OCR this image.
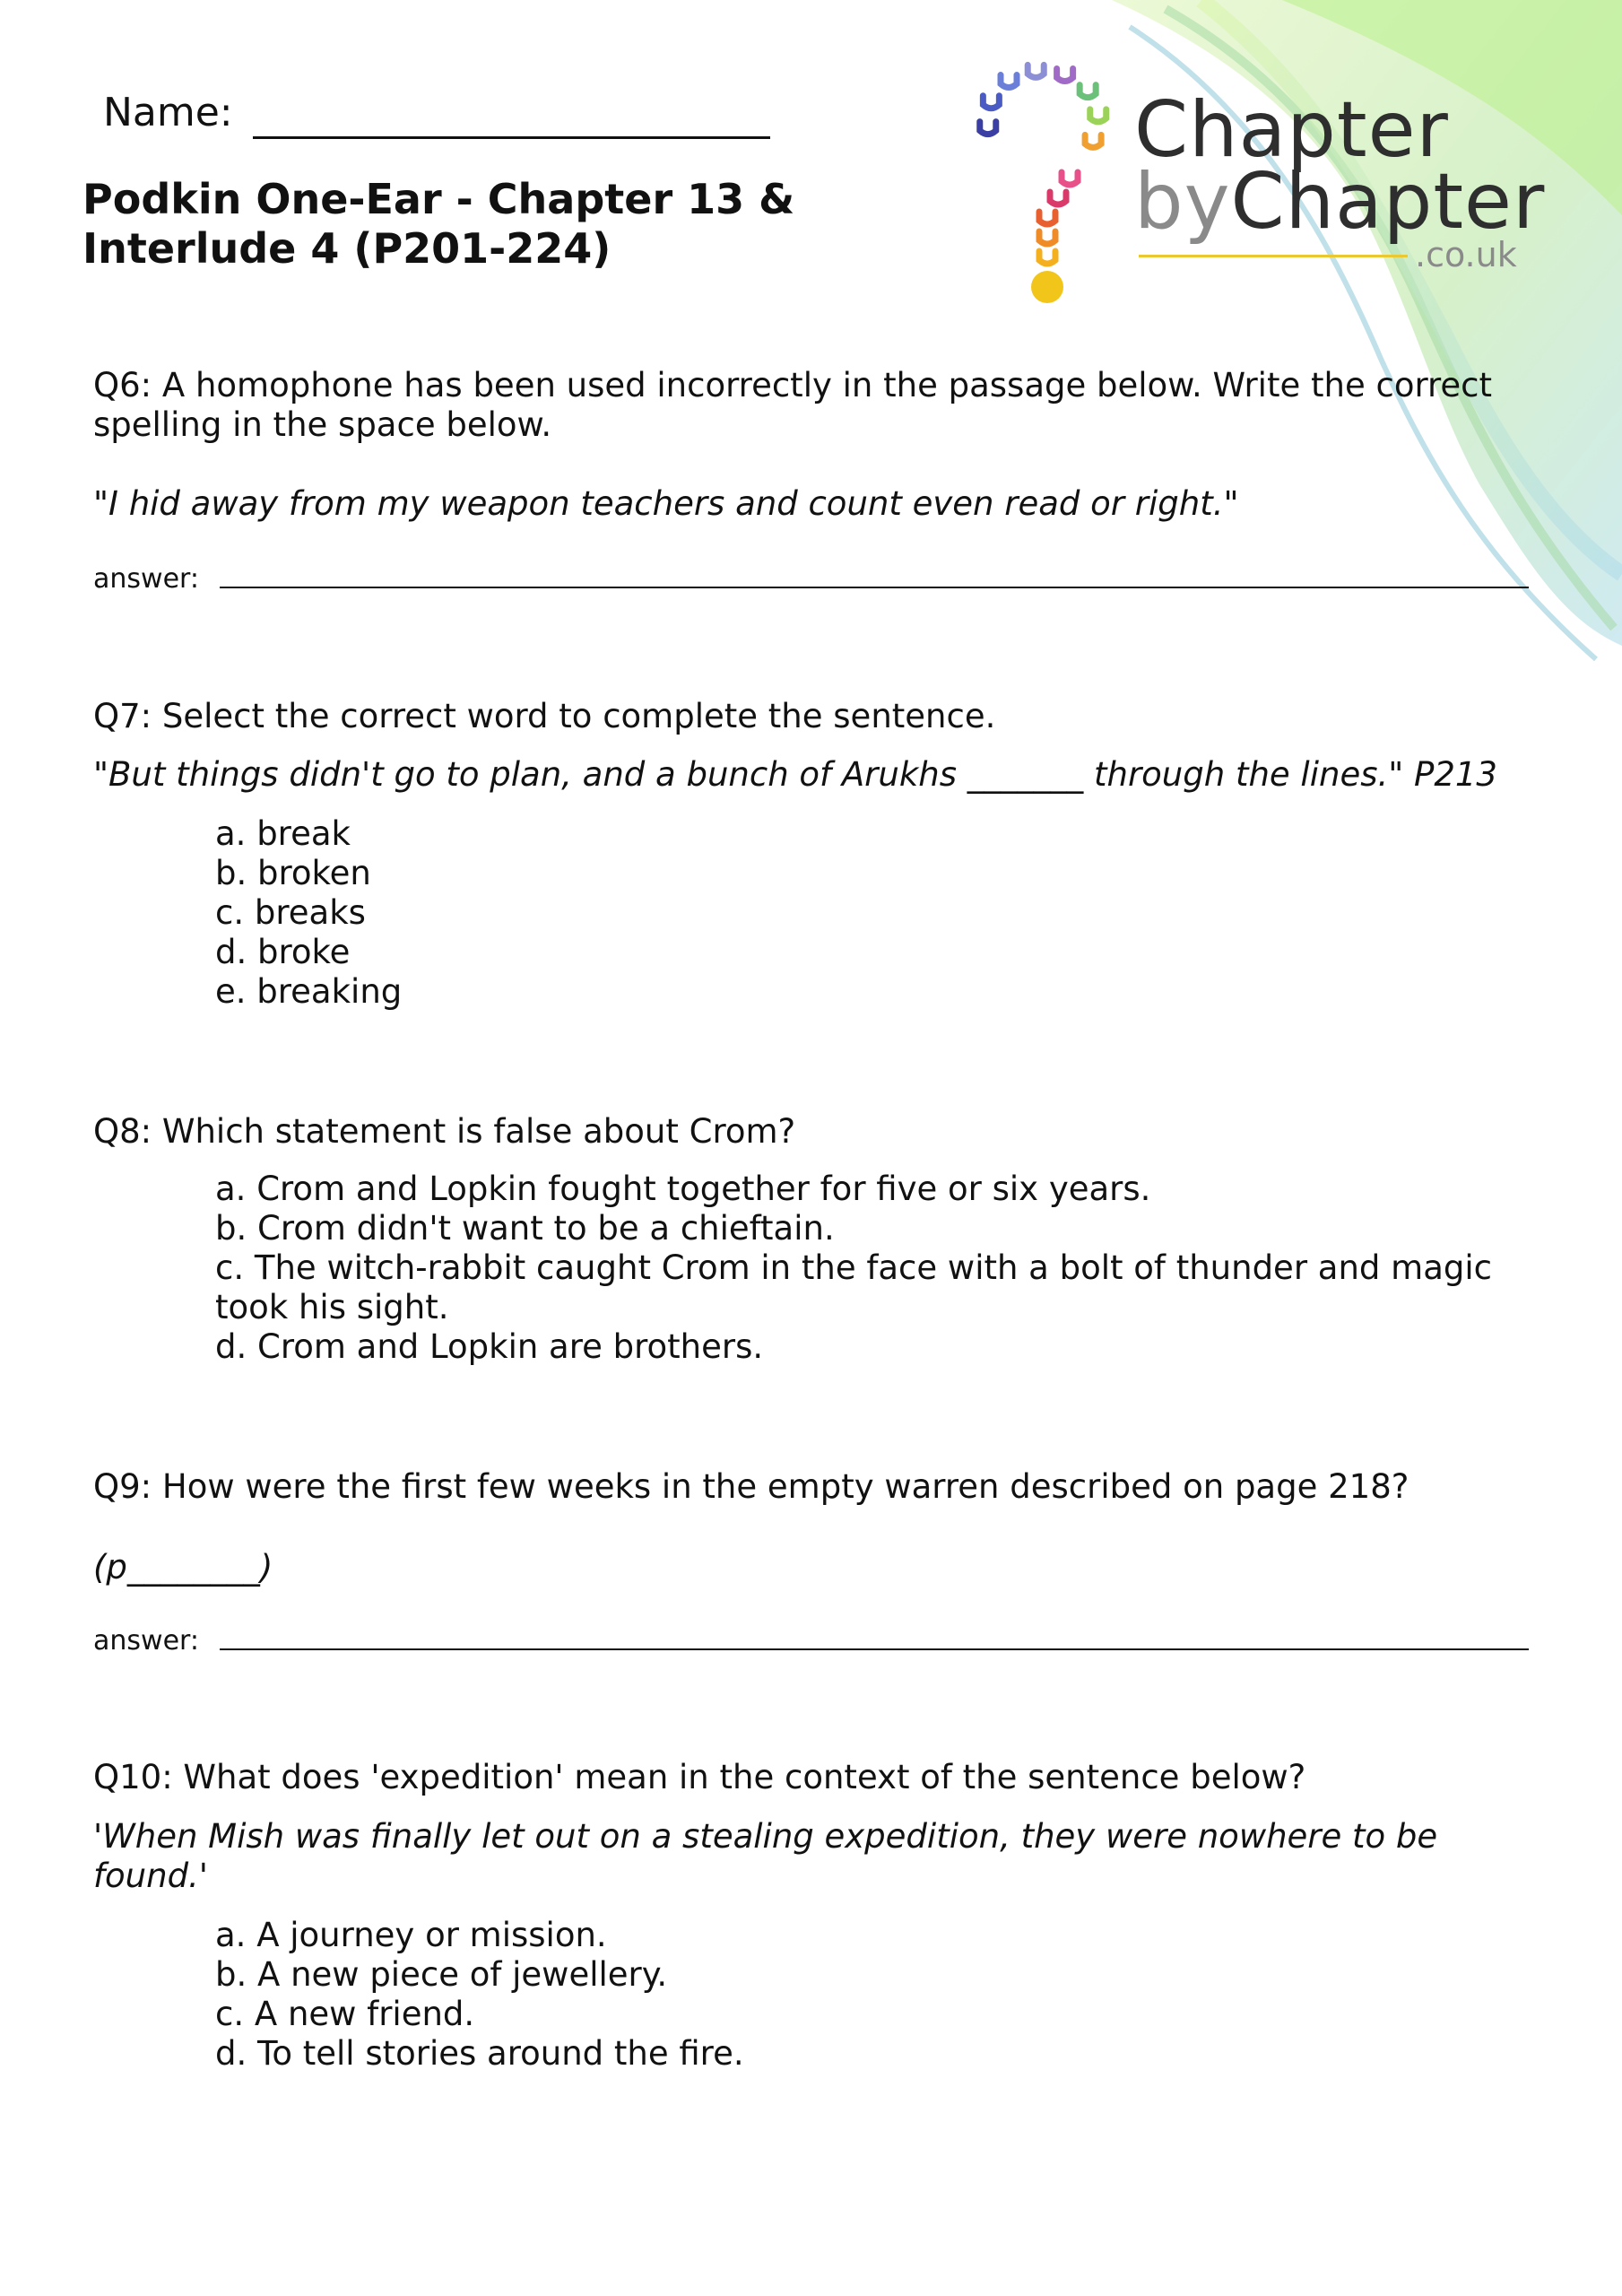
Name:
Podkin One-Ear - Chapter 13 &
Interlude 4 (P201-224)
Chapter
byChapter
.co.uk
Q6: A homophone has been used incorrectly in the passage below. Write the correct spelling in the space below.
"I hid away from my weapon teachers and count even read or right."
answer:
Q7: Select the correct word to complete the sentence.
"But things didn't go to plan, and a bunch of Arukhs _______ through the lines." P213
a. break
b. broken
c. breaks
d. broke
e. breaking
Q8: Which statement is false about Crom?
a. Crom and Lopkin fought together for five or six years.
b. Crom didn't want to be a chieftain.
c. The witch-rabbit caught Crom in the face with a bolt of thunder and magic took his sight.
d. Crom and Lopkin are brothers.
Q9: How were the first few weeks in the empty warren described on page 218?
(p________)
answer:
Q10: What does 'expedition' mean in the context of the sentence below?
'When Mish was finally let out on a stealing expedition, they were nowhere to be found.'
a. A journey or mission.
b. A new piece of jewellery.
c. A new friend.
d. To tell stories around the fire.
